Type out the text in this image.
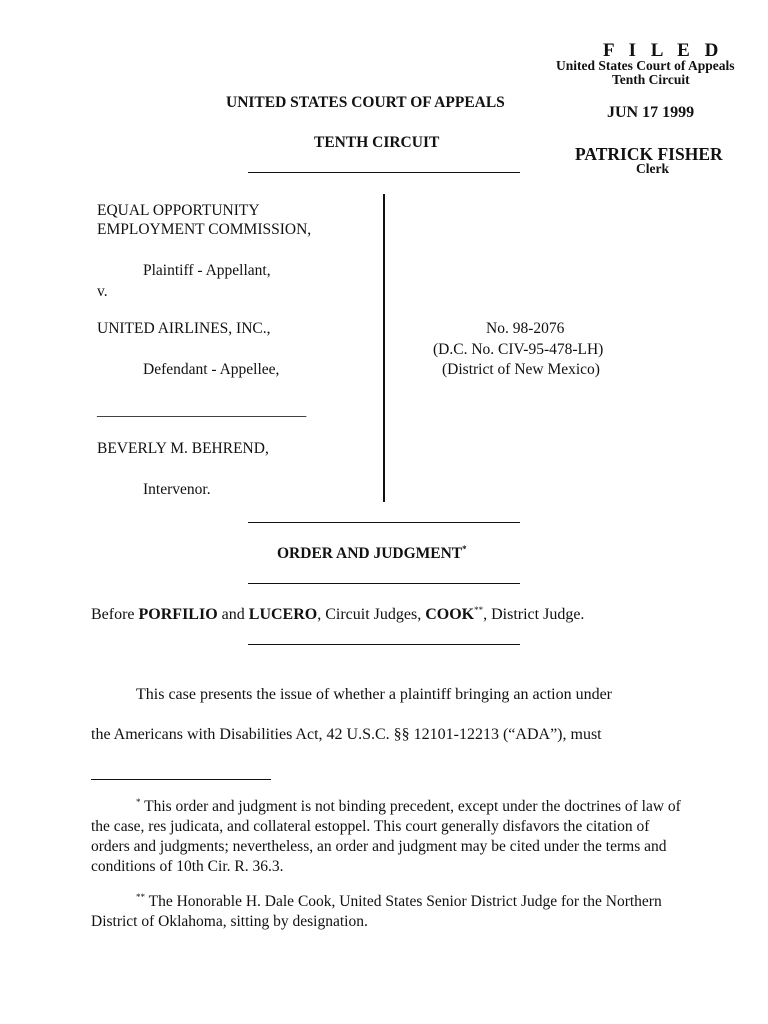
F I L E D
United States Court of Appeals
Tenth Circuit
JUN 17 1999
PATRICK FISHER
Clerk
UNITED STATES COURT OF APPEALS
TENTH CIRCUIT
EQUAL OPPORTUNITY
EMPLOYMENT COMMISSION,
Plaintiff - Appellant,
v.
UNITED AIRLINES, INC.,
Defendant - Appellee,
___________________________
BEVERLY M. BEHREND,
Intervenor.
No. 98-2076
(D.C. No. CIV-95-478-LH)
(District of New Mexico)
ORDER AND JUDGMENT*
Before PORFILIO and LUCERO, Circuit Judges, COOK**, District Judge.
This case presents the issue of whether a plaintiff bringing an action under
the Americans with Disabilities Act, 42 U.S.C. §§ 12101-12213 (“ADA”), must
* This order and judgment is not binding precedent, except under the doctrines of law of the case, res judicata, and collateral estoppel. This court generally disfavors the citation of orders and judgments; nevertheless, an order and judgment may be cited under the terms and conditions of 10th Cir. R. 36.3.
** The Honorable H. Dale Cook, United States Senior District Judge for the Northern District of Oklahoma, sitting by designation.
